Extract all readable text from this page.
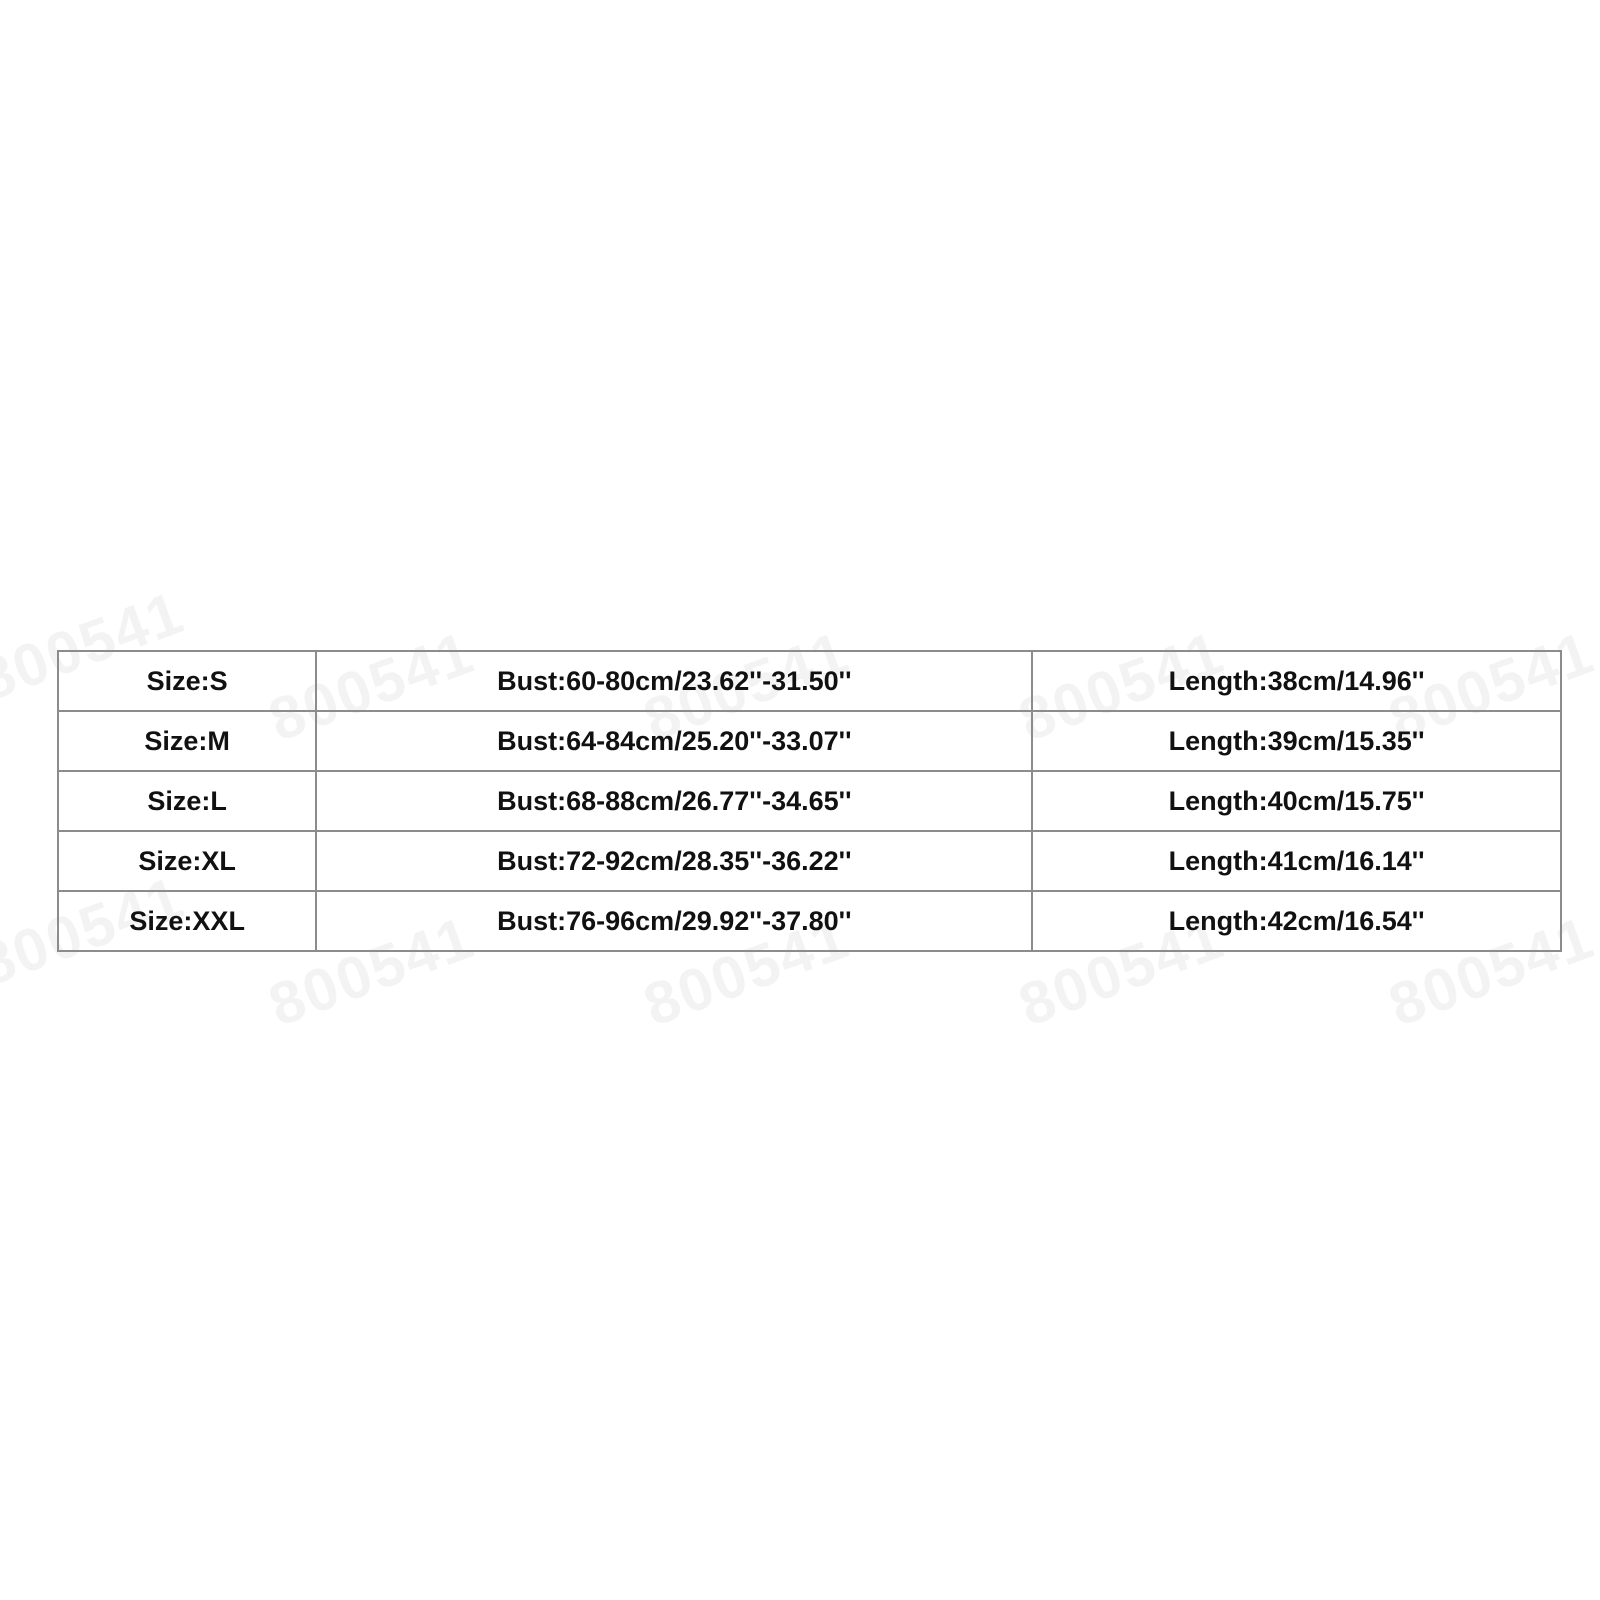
Size:S	Bust:60-80cm/23.62''-31.50''	Length:38cm/14.96''
Size:M	Bust:64-84cm/25.20''-33.07''	Length:39cm/15.35''
Size:L	Bust:68-88cm/26.77''-34.65''	Length:40cm/15.75''
Size:XL	Bust:72-92cm/28.35''-36.22''	Length:41cm/16.14''
Size:XXL	Bust:76-96cm/29.92''-37.80''	Length:42cm/16.54''
